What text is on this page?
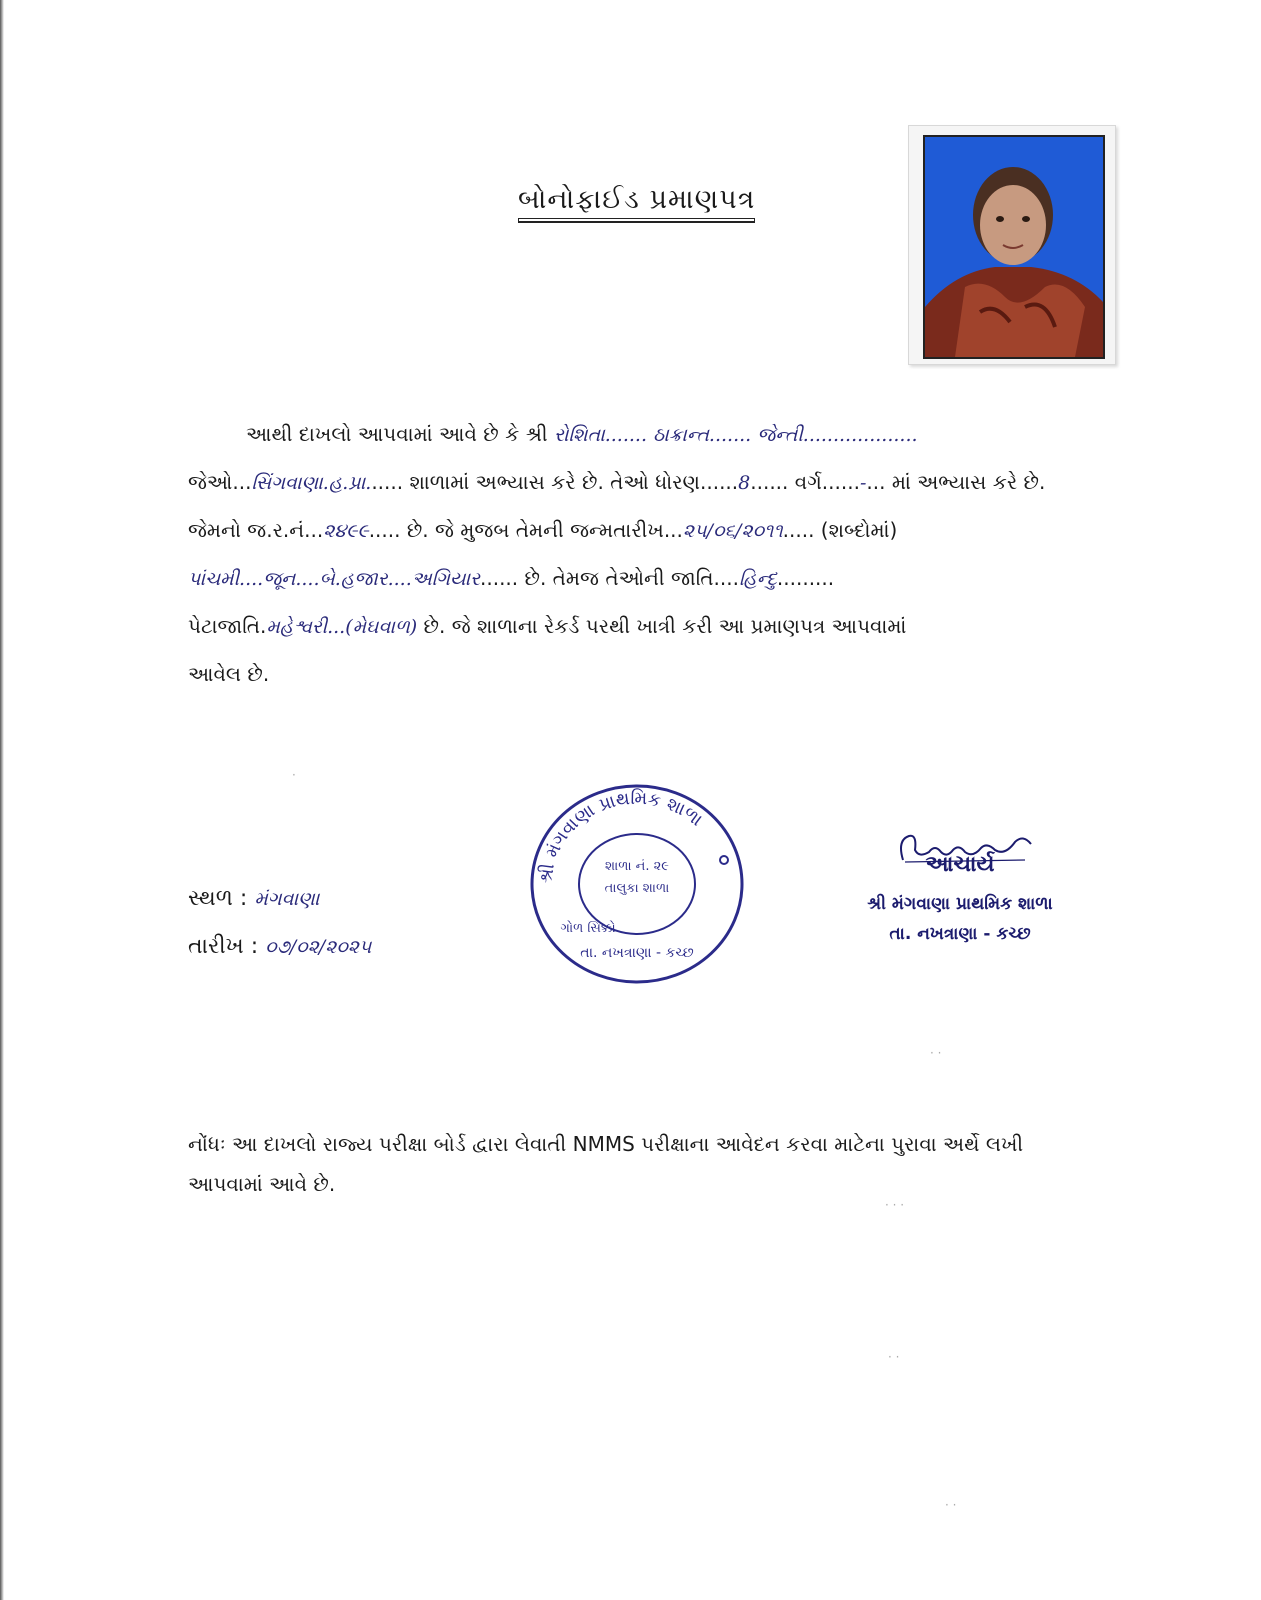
બોનોફાઈડ પ્રમાણપત્ર
આથી દાખલો આપવામાં આવે છે કે શ્રી રોશિતા....... ઠાક્રાન્ત....... જેન્તી...................
જેઓ...સિંગવાણા.હ.પ્રા...... શાળામાં અભ્યાસ કરે છે. તેઓ ધોરણ......8...... વર્ગ......-... માં અભ્યાસ કરે છે.
જેમનો જ.ર.નં...૨૪૯૯..... છે. જે મુજબ તેમની જન્મતારીખ...૨૫/૦૬/૨૦૧૧..... (શબ્દોમાં)
પાંચમી....જૂન....બે.હજાર....અગિયાર...... છે. તેમજ તેઓની જાતિ....હિન્દુ.........
પેટાજાતિ.મહેશ્વરી...(મેઘવાળ) છે. જે શાળાના રેકર્ડ પરથી ખાત્રી કરી આ પ્રમાણપત્ર આપવામાં
આવેલ છે.
સ્થળ : મંગવાણા
તારીખ : ૦૭/૦૨/૨૦૨૫
શ્રી મંગવાણા પ્રાથમિક શાળા
તા. નખત્રાણા - કચ્છ
શાળા નં. ૨૯
તાલુકા શાળા
ગોળ સિક્કો
આચાર્ય
શ્રી મંગવાણા પ્રાથમિક શાળા
તા. નખત્રાણા - કચ્છ
નોંધઃ આ દાખલો રાજ્ય પરીક્ષા બોર્ડ દ્વારા લેવાતી NMMS પરીક્ષાના આવેદન કરવા માટેના પુરાવા અર્થે લખી
આપવામાં આવે છે.
·
· ·
· · ·
· ·
· ·
